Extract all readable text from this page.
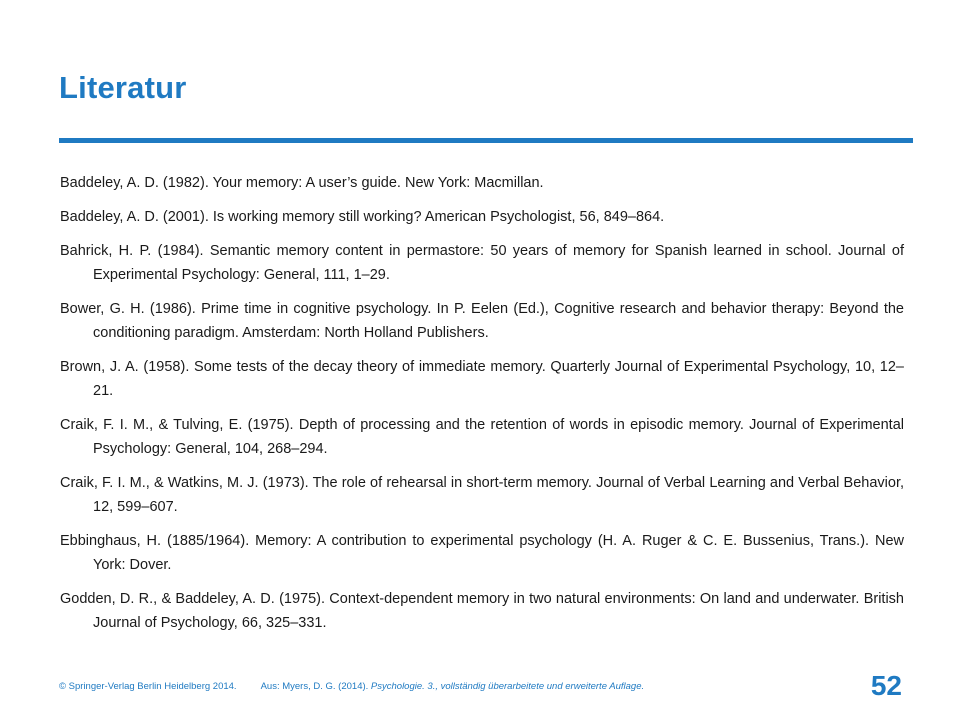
Literatur
Baddeley, A. D. (1982). Your memory: A user’s guide. New York: Macmillan.
Baddeley, A. D. (2001). Is working memory still working? American Psychologist, 56, 849–864.
Bahrick, H. P. (1984). Semantic memory content in permastore: 50 years of memory for Spanish learned in school. Journal of Experimental Psychology: General, 111, 1–29.
Bower, G. H. (1986). Prime time in cognitive psychology. In P. Eelen (Ed.), Cognitive research and behavior therapy: Beyond the conditioning paradigm. Amsterdam: North Holland Publishers.
Brown, J. A. (1958). Some tests of the decay theory of immediate memory. Quarterly Journal of Experimental Psychology, 10, 12–21.
Craik, F. I. M., & Tulving, E. (1975). Depth of processing and the retention of words in episodic memory. Journal of Experimental Psychology: General, 104, 268–294.
Craik, F. I. M., & Watkins, M. J. (1973). The role of rehearsal in short-term memory. Journal of Verbal Learning and Verbal Behavior, 12, 599–607.
Ebbinghaus, H. (1885/1964). Memory: A contribution to experimental psychology (H. A. Ruger & C. E. Bussenius, Trans.). New York: Dover.
Godden, D. R., & Baddeley, A. D. (1975). Context-dependent memory in two natural environments: On land and underwater. British Journal of Psychology, 66, 325–331.
© Springer-Verlag Berlin Heidelberg 2014.	Aus: Myers, D. G. (2014). Psychologie. 3., vollständig überarbeitete und erweiterte Auflage.	52
